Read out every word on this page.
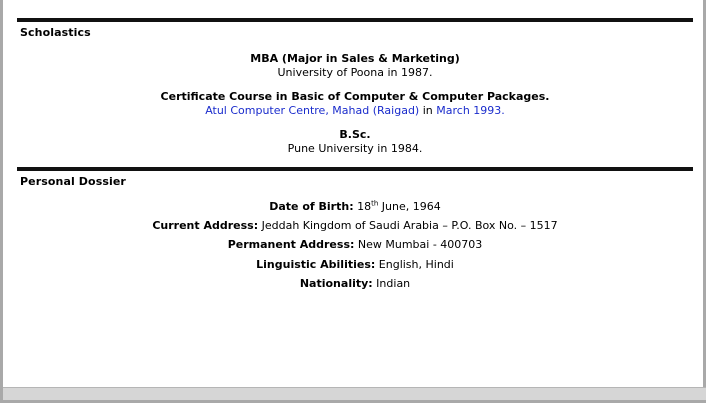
Scholastics
MBA (Major in Sales & Marketing)
University of Poona in 1987.
Certificate Course in Basic of Computer & Computer Packages.
Atul Computer Centre, Mahad (Raigad) in March 1993.
B.Sc.
Pune University in 1984.
Personal Dossier
Date of Birth: 18th June, 1964
Current Address: Jeddah Kingdom of Saudi Arabia – P.O. Box No. – 1517
Permanent Address: New Mumbai - 400703
Linguistic Abilities: English, Hindi
Nationality: Indian
